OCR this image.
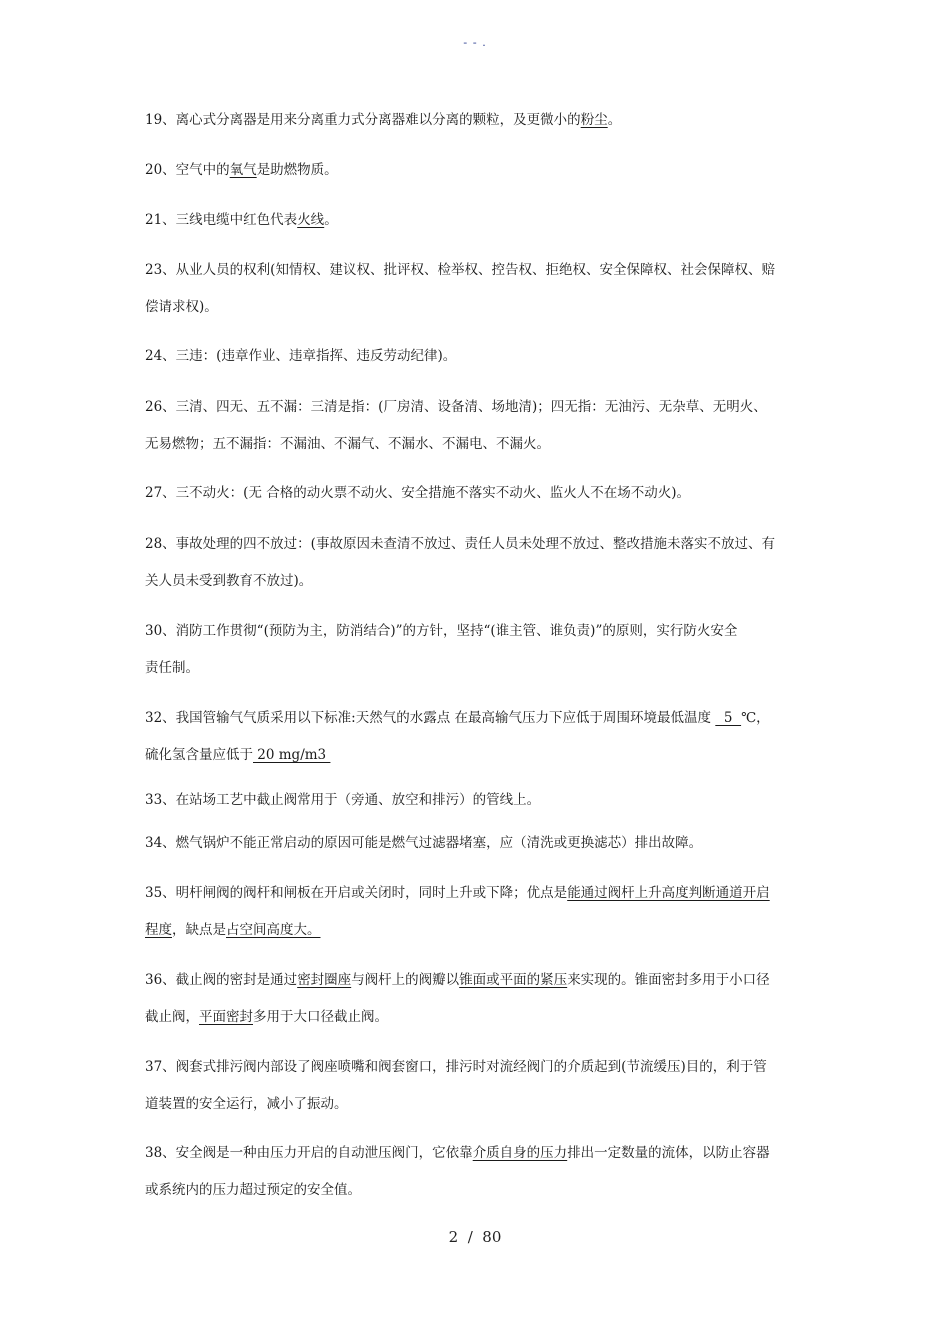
- - .
19、离心式分离器是用来分离重力式分离器难以分离的颗粒，及更微小的粉尘。
20、空气中的氧气是助燃物质。
21、三线电缆中红色代表火线。
23、从业人员的权利(知情权、建议权、批评权、检举权、控告权、拒绝权、安全保障权、社会保障权、赔
偿请求权)。
24、三违：(违章作业、违章指挥、违反劳动纪律)。
26、三清、四无、五不漏：三清是指：(厂房清、设备清、场地清)；四无指：无油污、无杂草、无明火、
无易燃物；五不漏指：不漏油、不漏气、不漏水、不漏电、不漏火。
27、三不动火：(无 合格的动火票不动火、安全措施不落实不动火、监火人不在场不动火)。
28、事故处理的四不放过：(事故原因未查清不放过、责任人员未处理不放过、整改措施未落实不放过、有
关人员未受到教育不放过)。
30、消防工作贯彻“(预防为主，防消结合)”的方针，坚持“(谁主管、谁负责)”的原则，实行防火安全
责任制。
32、我国管输气气质采用以下标准:天然气的水露点 在最高输气压力下应低于周围环境最低温度   5  ℃，
硫化氢含量应低于 20 mg/m3
33、在站场工艺中截止阀常用于（旁通、放空和排污）的管线上。
34、燃气锅炉不能正常启动的原因可能是燃气过滤器堵塞，应（清洗或更换滤芯）排出故障。
35、明杆闸阀的阀杆和闸板在开启或关闭时，同时上升或下降；优点是能通过阀杆上升高度判断通道开启
程度，缺点是占空间高度大。
36、截止阀的密封是通过密封圈座与阀杆上的阀瓣以锥面或平面的紧压来实现的。锥面密封多用于小口径
截止阀，平面密封多用于大口径截止阀。
37、阀套式排污阀内部设了阀座喷嘴和阀套窗口，排污时对流经阀门的介质起到(节流缓压)目的，利于管
道装置的安全运行，减小了振动。
38、安全阀是一种由压力开启的自动泄压阀门，它依靠介质自身的压力排出一定数量的流体，以防止容器
或系统内的压力超过预定的安全值。
2  /  80
